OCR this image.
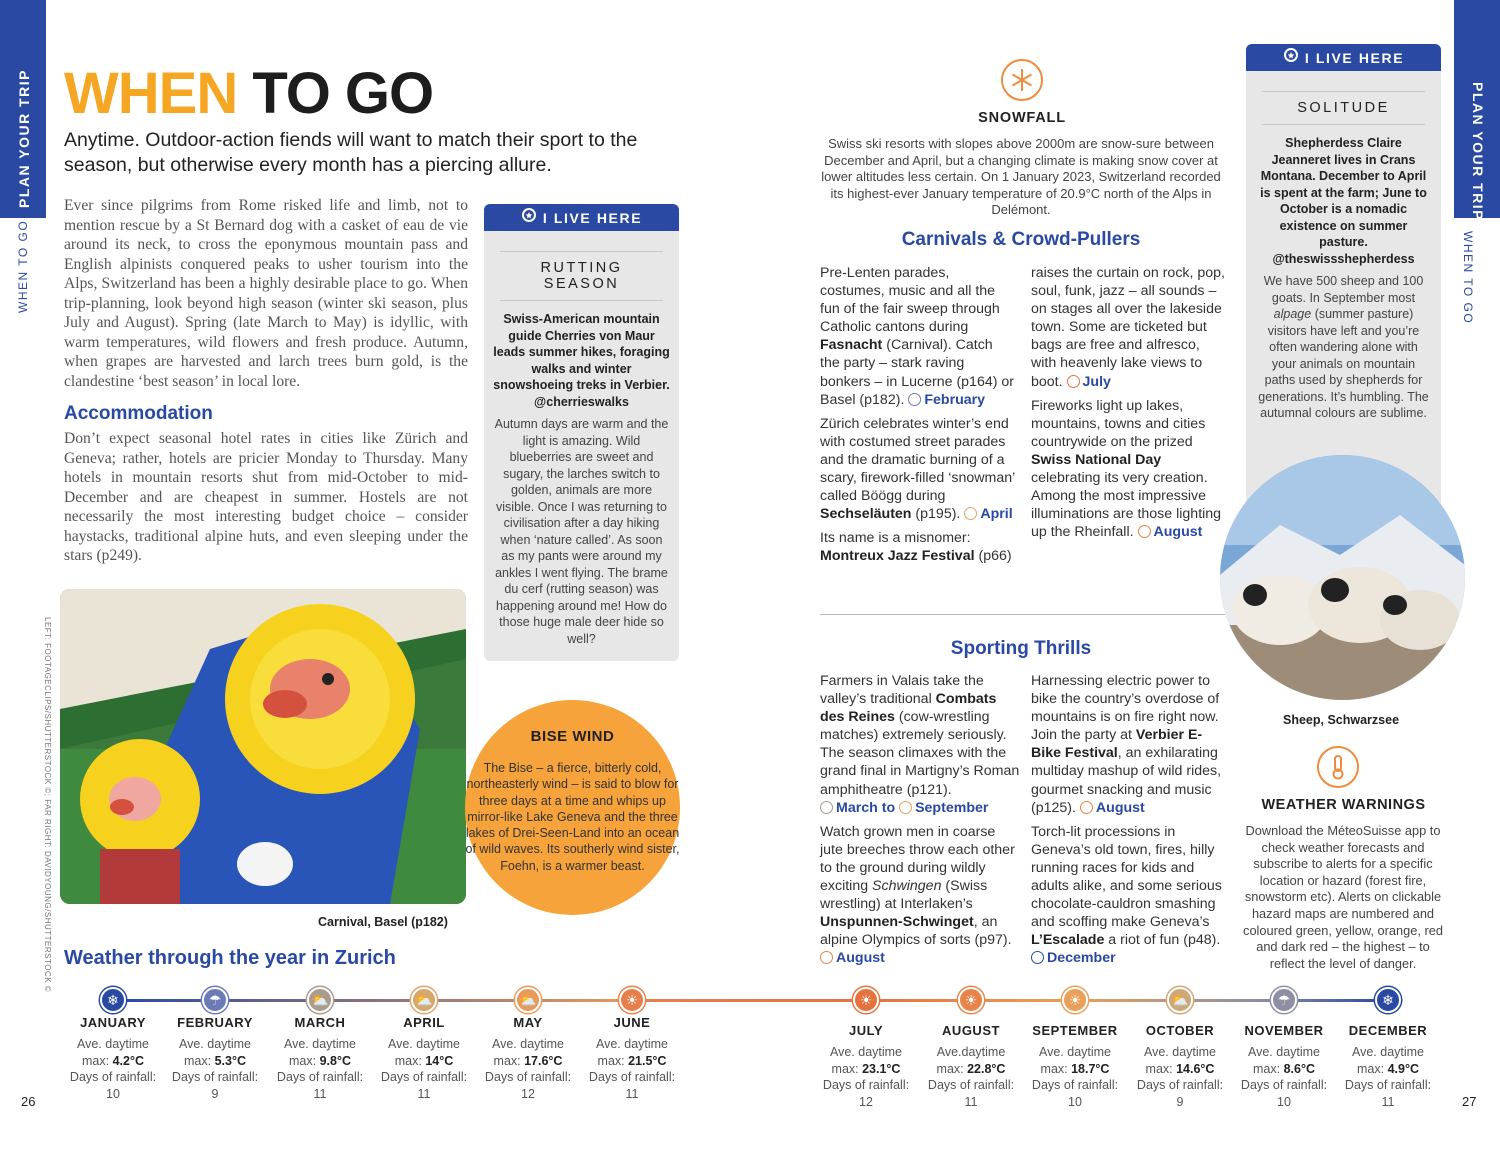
PLAN YOUR TRIP
WHEN TO GO
PLAN YOUR TRIP
WHEN TO GO
WHEN TO GO
Anytime. Outdoor-action fiends will want to match their sport to the season, but otherwise every month has a piercing allure.
Ever since pilgrims from Rome risked life and limb, not to mention rescue by a St Bernard dog with a casket of eau de vie around its neck, to cross the eponymous mountain pass and English alpinists conquered peaks to usher tourism into the Alps, Switzerland has been a highly desirable place to go. When trip-planning, look beyond high season (winter ski season, plus July and August). Spring (late March to May) is idyllic, with warm temperatures, wild flowers and fresh produce. Autumn, when grapes are harvested and larch trees burn gold, is the clandestine ‘best season’ in local lore.
Accommodation
Don’t expect seasonal hotel rates in cities like Zürich and Geneva; rather, hotels are pricier Monday to Thursday. Many hotels in mountain resorts shut from mid-October to mid-December and are cheapest in summer. Hostels are not necessarily the most interesting budget choice – consider haystacks, traditional alpine huts, and even sleeping under the stars (p249).
LEFT: FOOTAGECLIPS/SHUTTERSTOCK ©; FAR RIGHT: DAVIDYOUNG/SHUTTERSTOCK ©
I LIVE HERE
RUTTING SEASON
Swiss-American mountain guide Cherries von Maur leads summer hikes, foraging walks and winter snowshoeing treks in Verbier. @cherrieswalks
Autumn days are warm and the light is amazing. Wild blueberries are sweet and sugary, the larches switch to golden, animals are more visible. Once I was returning to civilisation after a day hiking when ‘nature called’. As soon as my pants were around my ankles I went flying. The brame du cerf (rutting season) was happening around me! How do those huge male deer hide so well?
Carnival, Basel (p182)
BISE WIND

The Bise – a fierce, bitterly cold, northeasterly wind – is said to blow for three days at a time and whips up mirror-like Lake Geneva and the three lakes of Drei-Seen-Land into an ocean of wild waves. Its southerly wind sister, Foehn, is a warmer beast.

SNOWFALL
Swiss ski resorts with slopes above 2000m are snow-sure between December and April, but a changing climate is making snow cover at lower altitudes less certain. On 1 January 2023, Switzerland recorded its highest-ever January temperature of 20.9°C north of the Alps in Delémont.
Carnivals & Crowd-Pullers
Pre-Lenten parades, costumes, music and all the fun of the fair sweep through Catholic cantons during Fasnacht (Carnival). Catch the party – stark raving bonkers – in Lucerne (p164) or Basel (p182). February
Zürich celebrates winter’s end with costumed street parades and the dramatic burning of a scary, firework-filled ‘snowman’ called Böögg during Sechseläuten (p195). April
Its name is a misnomer: Montreux Jazz Festival (p66)
raises the curtain on rock, pop, soul, funk, jazz – all sounds – on stages all over the lakeside town. Some are ticketed but bags are free and alfresco, with heavenly lake views to boot. July
Fireworks light up lakes, mountains, towns and cities countrywide on the prized Swiss National Day celebrating its very creation. Among the most impressive illuminations are those lighting up the Rheinfall. August
Sporting Thrills
Farmers in Valais take the valley’s traditional Combats des Reines (cow-wrestling matches) extremely seriously. The season climaxes with the grand final in Martigny’s Roman amphitheatre (p121). March to September
Watch grown men in coarse jute breeches throw each other to the ground during wildly exciting Schwingen (Swiss wrestling) at Interlaken’s Unspunnen-Schwinget, an alpine Olympics of sorts (p97). August
Harnessing electric power to bike the country’s overdose of mountains is on fire right now. Join the party at Verbier E-Bike Festival, an exhilarating multiday mashup of wild rides, gourmet snacking and music (p125). August
Torch-lit processions in Geneva’s old town, fires, hilly running races for kids and adults alike, and some serious chocolate-cauldron smashing and scoffing make Geneva’s L’Escalade a riot of fun (p48). December
I LIVE HERE
SOLITUDE
Shepherdess Claire Jeanneret lives in Crans Montana. December to April is spent at the farm; June to October is a nomadic existence on summer pasture. @theswissshepherdess
We have 500 sheep and 100 goats. In September most alpage (summer pasture) visitors have left and you’re often wandering alone with your animals on mountain paths used by shepherds for generations. It’s humbling. The autumnal colours are sublime.
Sheep, Schwarzsee
WEATHER WARNINGS
Download the MéteoSuisse app to check weather forecasts and subscribe to alerts for a specific location or hazard (forest fire, snowstorm etc). Alerts on clickable hazard maps are numbered and coloured green, yellow, orange, red and dark red – the highest – to reflect the level of danger.
Weather through the year in Zurich
❄
JANUARY
Ave. daytime
max: 4.2°C
Days of rainfall:
10
☂
FEBRUARY
Ave. daytime
max: 5.3°C
Days of rainfall:
9
⛅
MARCH
Ave. daytime
max: 9.8°C
Days of rainfall:
11
⛅
APRIL
Ave. daytime
max: 14°C
Days of rainfall:
11
⛅
MAY
Ave. daytime
max: 17.6°C
Days of rainfall:
12
☀
JUNE
Ave. daytime
max: 21.5°C
Days of rainfall:
11
☀
JULY
Ave. daytime
max: 23.1°C
Days of rainfall:
12
☀
AUGUST
Ave.daytime
max: 22.8°C
Days of rainfall:
11
☀
SEPTEMBER
Ave. daytime
max: 18.7°C
Days of rainfall:
10
⛅
OCTOBER
Ave. daytime
max: 14.6°C
Days of rainfall:
9
☂
NOVEMBER
Ave. daytime
max: 8.6°C
Days of rainfall:
10
❄
DECEMBER
Ave. daytime
max: 4.9°C
Days of rainfall:
11
26	27
